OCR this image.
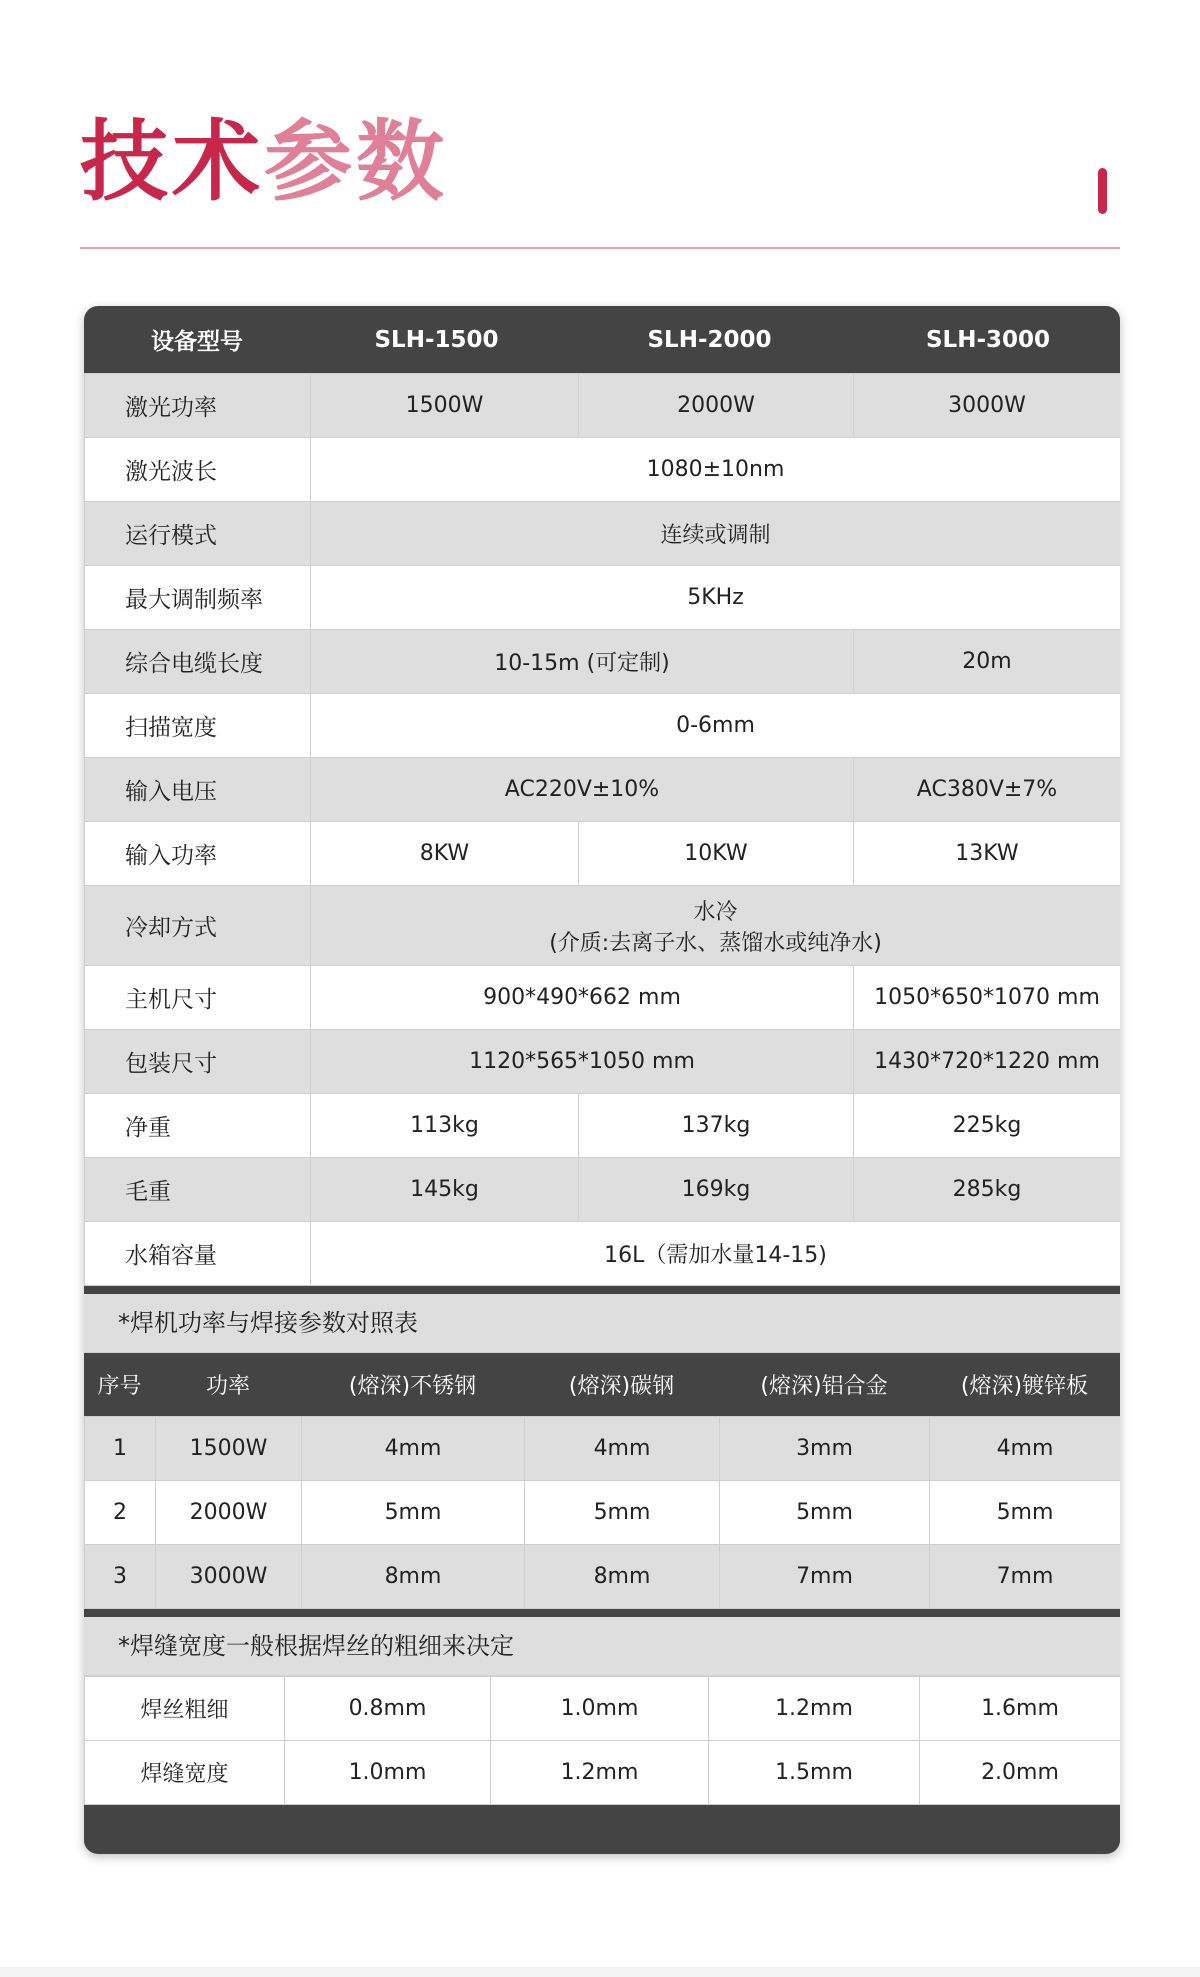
技术参数
设备型号	SLH-1500	SLH-2000	SLH-3000
激光功率	1500W	2000W	3000W
激光波长	1080±10nm		
运行模式	连续或调制		
最大调制频率	5KHz		
综合电缆长度	10-15m (可定制)		20m
扫描宽度	0-6mm		
输入电压	AC220V±10%		AC380V±7%
输入功率	8KW	10KW	13KW
冷却方式	水冷
(介质:去离子水、蒸馏水或纯净水)		

主机尺寸	900*490*662 mm		1050*650*1070 mm
包装尺寸	1120*565*1050 mm		1430*720*1220 mm
净重	113kg	137kg	225kg
毛重	145kg	169kg	285kg
水箱容量	16L（需加水量14-15)		
*焊机功率与焊接参数对照表
序号	功率	(熔深)不锈钢	(熔深)碳钢	(熔深)铝合金	(熔深)镀锌板
1	1500W	4mm	4mm	3mm	4mm
2	2000W	5mm	5mm	5mm	5mm
3	3000W	8mm	8mm	7mm	7mm
*焊缝宽度一般根据焊丝的粗细来决定
焊丝粗细	0.8mm	1.0mm	1.2mm	1.6mm
焊缝宽度	1.0mm	1.2mm	1.5mm	2.0mm
